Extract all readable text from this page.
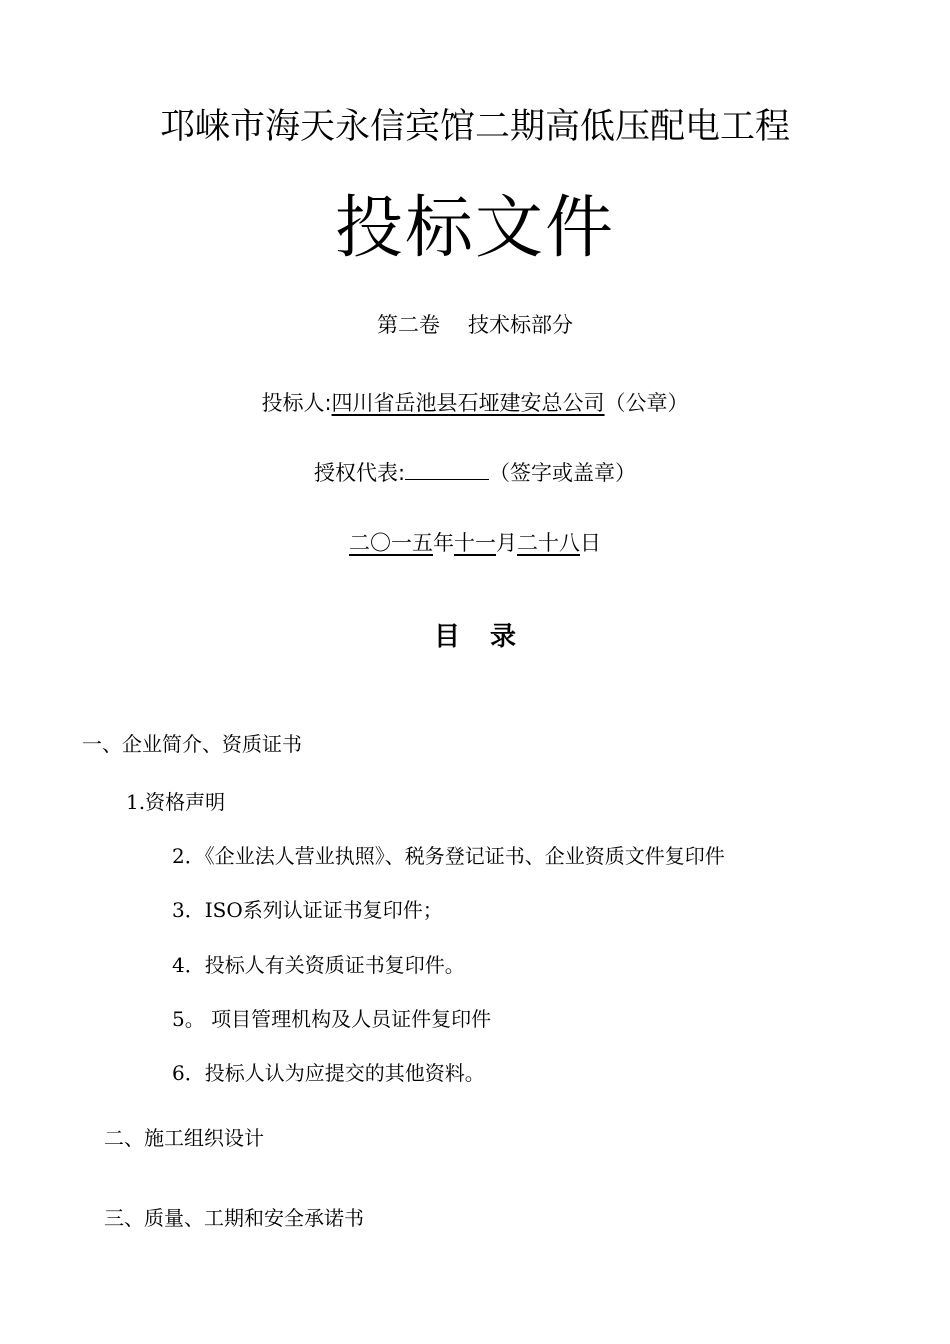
邛崃市海天永信宾馆二期高低压配电工程
投标文件
第二卷 技术标部分
投标人:四川省岳池县石垭建安总公司（公章）
授权代表:	（签字或盖章）
二〇一五年十一月二十八日
目 录
一、企业简介、资质证书
1.资格声明
2．《企业法人营业执照》、税务登记证书、企业资质文件复印件
3．ISO系列认证证书复印件；
4．投标人有关资质证书复印件。
5。 项目管理机构及人员证件复印件
6．投标人认为应提交的其他资料。
二、施工组织设计
三、质量、工期和安全承诺书
